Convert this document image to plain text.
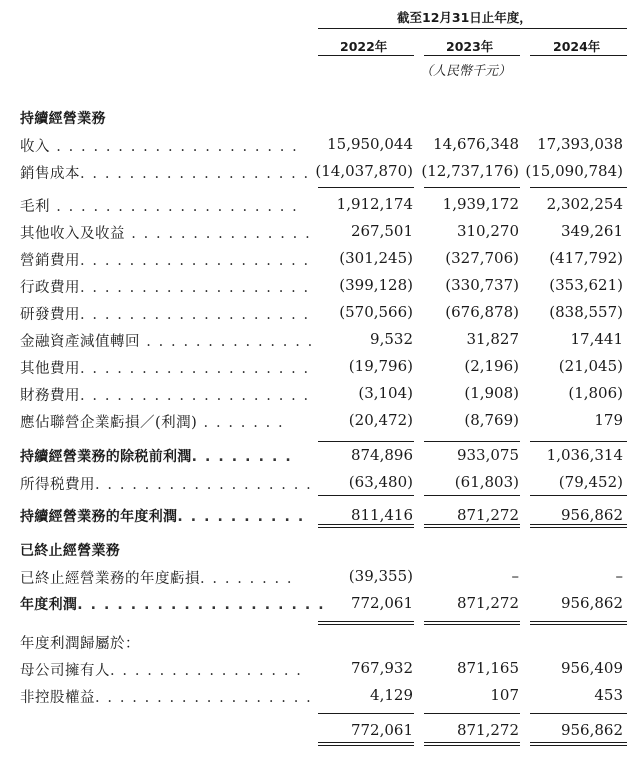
截至12月31日止年度，
2022年	2023年	2024年
（人民幣千元）
持續經營業務
收入 . . . . . . . . . . . . . . . . . . . . 15,950,044 14,676,348 17,393,038
銷售成本. . . . . . . . . . . . . . . . . . . (14,037,870) (12,737,176) (15,090,784)
毛利 . . . . . . . . . . . . . . . . . . . .	1,912,174 1,939,172 2,302,254
其他收入及收益 . . . . . . . . . . . . . . .	267,501	310,270	349,261
營銷費用. . . . . . . . . . . . . . . . . . . (301,245) (327,706) (417,792)
行政費用. . . . . . . . . . . . . . . . . . . (399,128) (330,737) (353,621)
研發費用. . . . . . . . . . . . . . . . . . . (570,566) (676,878) (838,557)
金融資產減值轉回 . . . . . . . . . . . . . .	9,532	31,827	17,441
其他費用. . . . . . . . . . . . . . . . . . .	(19,796)	(2,196)	(21,045)
財務費用. . . . . . . . . . . . . . . . . . .	(3,104)	(1,908)	(1,806)
應佔聯營企業虧損／(利潤) . . . . . . .	(20,472)	(8,769)	179
持續經營業務的除税前利潤. . . . . . . .	874,896	933,075 1,036,314
所得税費用. . . . . . . . . . . . . . . . . . (63,480)	(61,803)	(79,452)
持續經營業務的年度利潤. . . . . . . . . .	811,416	871,272	956,862
已終止經營業務
已終止經營業務的年度虧損. . . . . . . .	(39,355)	–	–
年度利潤. . . . . . . . . . . . . . . . . . . 772,061	871,272	956,862
年度利潤歸屬於：
母公司擁有人. . . . . . . . . . . . . . . .	767,932	871,165	956,409
非控股權益. . . . . . . . . . . . . . . . . .	4,129	107	453
772,061	871,272	956,862
